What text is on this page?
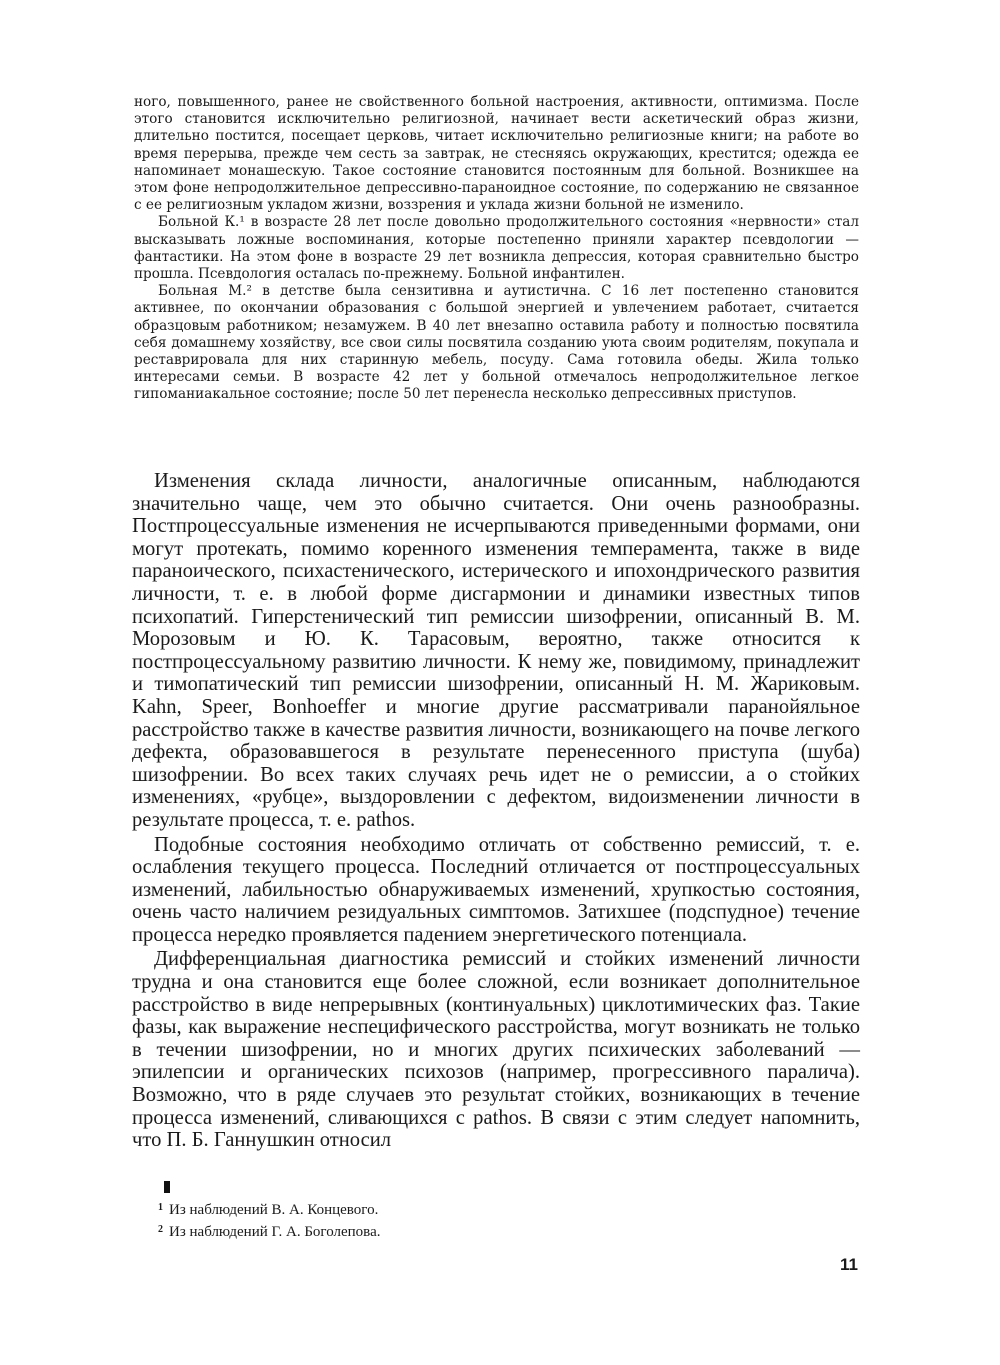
ного, повышенного, ранее не свойственного больной настроения, активности, оптимизма. После этого становится исключительно религиозной, начинает вести аскетический образ жизни, длительно постится, посещает церковь, читает исключительно религиозные книги; на работе во время перерыва, прежде чем сесть за завтрак, не стесняясь окружающих, крестится; одежда ее напоминает монашескую. Такое состояние становится постоянным для больной. Возникшее на этом фоне непродолжительное депрессивно-параноидное состояние, по содержанию не связанное с ее религиозным укладом жизни, воззрения и уклада жизни больной не изменило.

Больной К.¹ в возрасте 28 лет после довольно продолжительного состояния «нервности» стал высказывать ложные воспоминания, которые постепенно приняли характер псевдологии — фантастики. На этом фоне в возрасте 29 лет возникла депрессия, которая сравнительно быстро прошла. Псевдология осталась по-прежнему. Больной инфантилен.

Больная М.² в детстве была сензитивна и аутистична. С 16 лет постепенно становится активнее, по окончании образования с большой энергией и увлечением работает, считается образцовым работником; незамужем. В 40 лет внезапно оставила работу и полностью посвятила себя домашнему хозяйству, все свои силы посвятила созданию уюта своим родителям, покупала и реставрировала для них старинную мебель, посуду. Сама готовила обеды. Жила только интересами семьи. В возрасте 42 лет у больной отмечалось непродолжительное легкое гипоманиакальное состояние; после 50 лет перенесла несколько депрессивных приступов.

Изменения склада личности, аналогичные описанным, наблюдаются значительно чаще, чем это обычно считается. Они очень разнообразны. Постпроцессуальные изменения не исчерпываются приведенными формами, они могут протекать, помимо коренного изменения темперамента, также в виде параноического, психастенического, истерического и ипохондрического развития личности, т. е. в любой форме дисгармонии и динамики известных типов психопатий. Гиперстенический тип ремиссии шизофрении, описанный В. М. Морозовым и Ю. К. Тарасовым, вероятно, также относится к постпроцессуальному развитию личности. К нему же, повидимому, принадлежит и тимопатический тип ремиссии шизофрении, описанный Н. М. Жариковым. Kahn, Speer, Bonhoeffer и многие другие рассматривали паранойяльное расстройство также в качестве развития личности, возникающего на почве легкого дефекта, образовавшегося в результате перенесенного приступа (шуба) шизофрении. Во всех таких случаях речь идет не о ремиссии, а о стойких изменениях, «рубце», выздоровлении с дефектом, видоизменении личности в результате процесса, т. е. pathos.

Подобные состояния необходимо отличать от собственно ремиссий, т. е. ослабления текущего процесса. Последний отличается от постпроцессуальных изменений, лабильностью обнаруживаемых изменений, хрупкостью состояния, очень часто наличием резидуальных симптомов. Затихшее (подспудное) течение процесса нередко проявляется падением энергетического потенциала.

Дифференциальная диагностика ремиссий и стойких изменений личности трудна и она становится еще более сложной, если возникает дополнительное расстройство в виде непрерывных (континуальных) циклотимических фаз. Такие фазы, как выражение неспецифического расстройства, могут возникать не только в течении шизофрении, но и многих других психических заболеваний — эпилепсии и органических психозов (например, прогрессивного паралича). Возможно, что в ряде случаев это результат стойких, возникающих в течение процесса изменений, сливающихся с pathos. В связи с этим следует напомнить, что П. Б. Ганнушкин относил

$^1$ Из наблюдений В. А. Концевого.

$^2$ Из наблюдений Г. А. Боголепова.

11
